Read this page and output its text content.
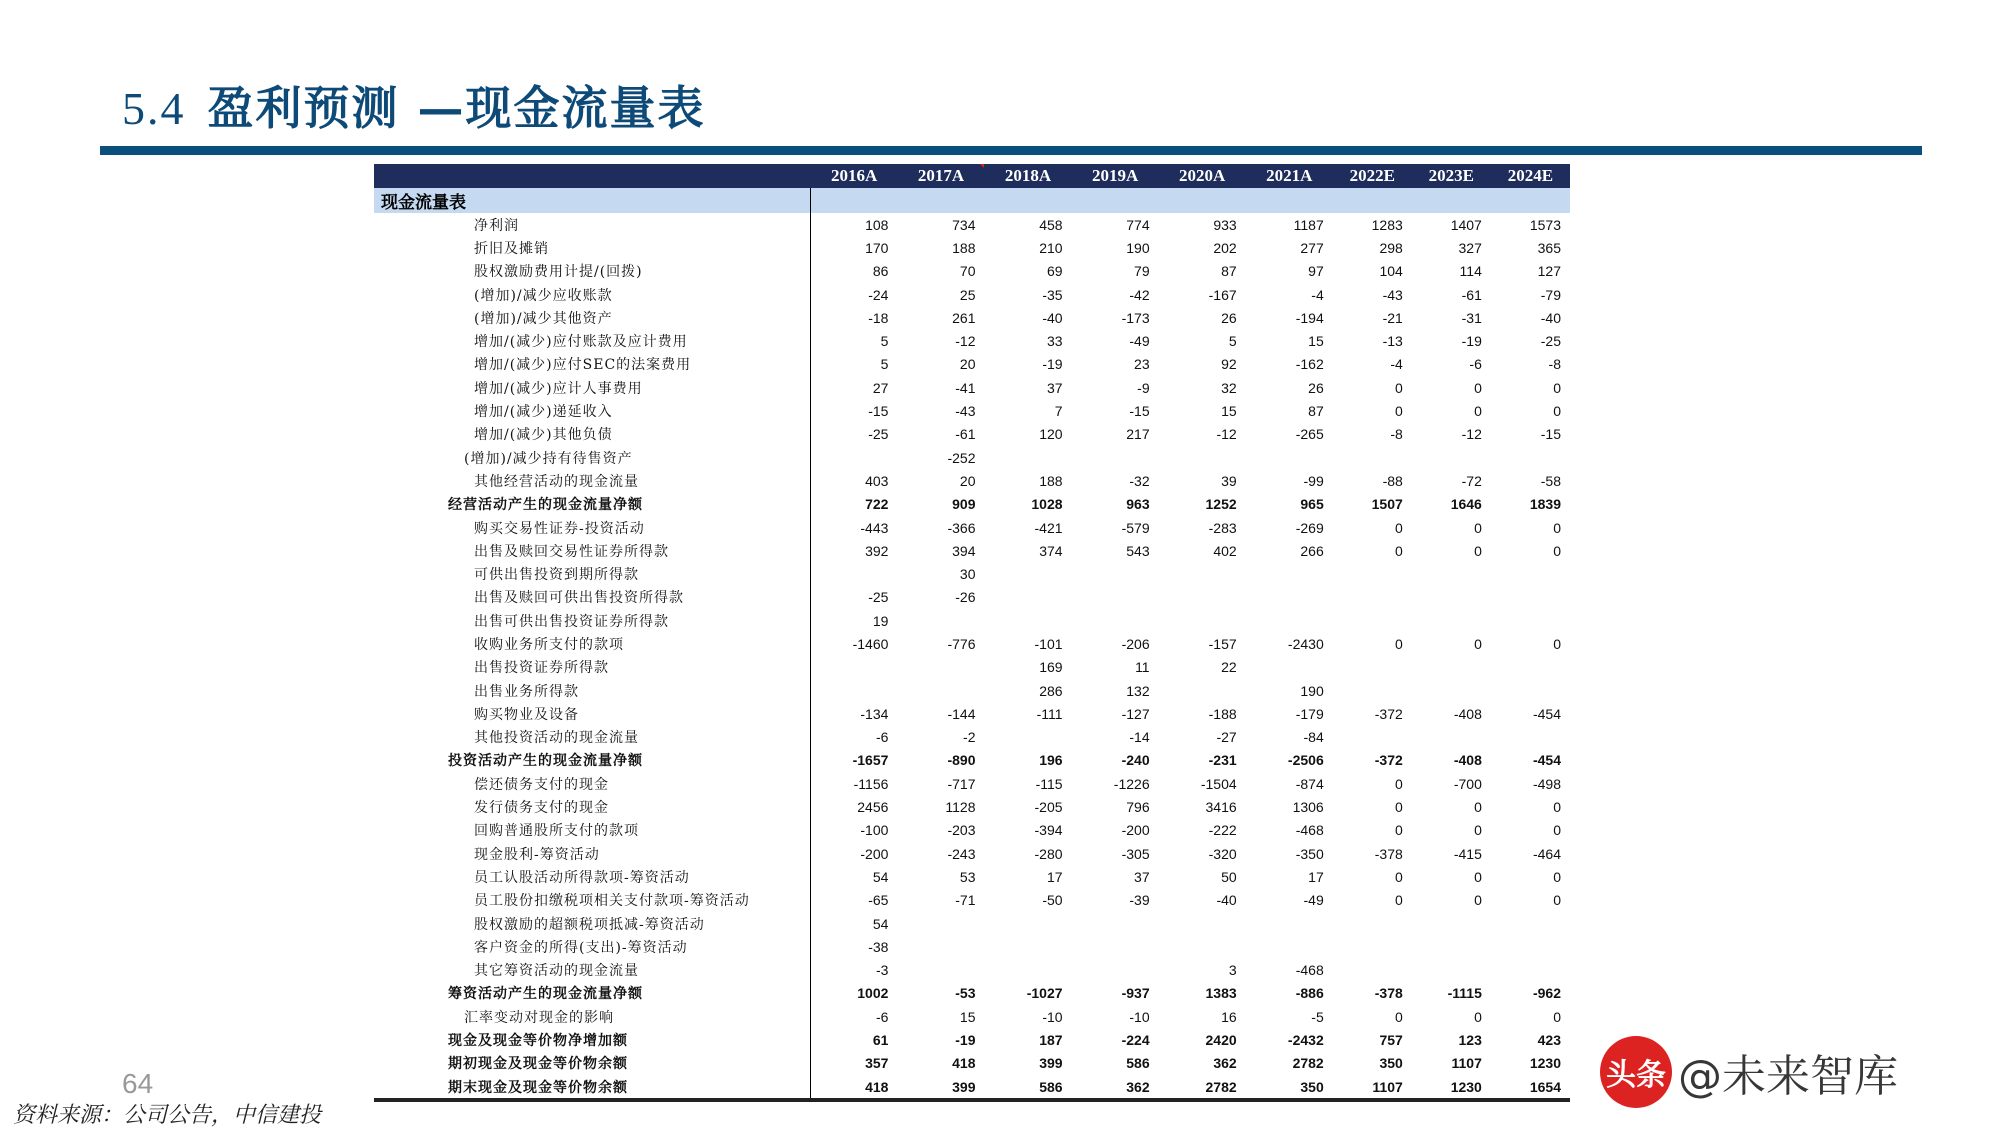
5.4 盈利预测 —现金流量表
	2016A	2017A	2018A	2019A	2020A	2021A	2022E	2023E	2024E
现金流量表									
净利润	108	734	458	774	933	1187	1283	1407	1573
折旧及摊销	170	188	210	190	202	277	298	327	365
股权激励费用计提/(回拨)	86	70	69	79	87	97	104	114	127
(增加)/减少应收账款	-24	25	-35	-42	-167	-4	-43	-61	-79
(增加)/减少其他资产	-18	261	-40	-173	26	-194	-21	-31	-40
增加/(减少)应付账款及应计费用	5	-12	33	-49	5	15	-13	-19	-25
增加/(减少)应付SEC的法案费用	5	20	-19	23	92	-162	-4	-6	-8
增加/(减少)应计人事费用	27	-41	37	-9	32	26	0	0	0
增加/(减少)递延收入	-15	-43	7	-15	15	87	0	0	0
增加/(减少)其他负债	-25	-61	120	217	-12	-265	-8	-12	-15
(增加)/减少持有待售资产		-252							
其他经营活动的现金流量	403	20	188	-32	39	-99	-88	-72	-58
经营活动产生的现金流量净额	722	909	1028	963	1252	965	1507	1646	1839
购买交易性证券-投资活动	-443	-366	-421	-579	-283	-269	0	0	0
出售及赎回交易性证券所得款	392	394	374	543	402	266	0	0	0
可供出售投资到期所得款		30							
出售及赎回可供出售投资所得款	-25	-26							
出售可供出售投资证券所得款	19								
收购业务所支付的款项	-1460	-776	-101	-206	-157	-2430	0	0	0
出售投资证券所得款			169	11	22				
出售业务所得款			286	132		190			
购买物业及设备	-134	-144	-111	-127	-188	-179	-372	-408	-454
其他投资活动的现金流量	-6	-2		-14	-27	-84			
投资活动产生的现金流量净额	-1657	-890	196	-240	-231	-2506	-372	-408	-454
偿还债务支付的现金	-1156	-717	-115	-1226	-1504	-874	0	-700	-498
发行债务支付的现金	2456	1128	-205	796	3416	1306	0	0	0
回购普通股所支付的款项	-100	-203	-394	-200	-222	-468	0	0	0
现金股利-筹资活动	-200	-243	-280	-305	-320	-350	-378	-415	-464
员工认股活动所得款项-筹资活动	54	53	17	37	50	17	0	0	0
员工股份扣缴税项相关支付款项-筹资活动	-65	-71	-50	-39	-40	-49	0	0	0
股权激励的超额税项抵减-筹资活动	54								
客户资金的所得(支出)-筹资活动	-38								
其它筹资活动的现金流量	-3				3	-468			
筹资活动产生的现金流量净额	1002	-53	-1027	-937	1383	-886	-378	-1115	-962
汇率变动对现金的影响	-6	15	-10	-10	16	-5	0	0	0
现金及现金等价物净增加额	61	-19	187	-224	2420	-2432	757	123	423
期初现金及现金等价物余额	357	418	399	586	362	2782	350	1107	1230
期末现金及现金等价物余额	418	399	586	362	2782	350	1107	1230	1654
64
资料来源：公司公告，中信建投
头条 @未来智库
